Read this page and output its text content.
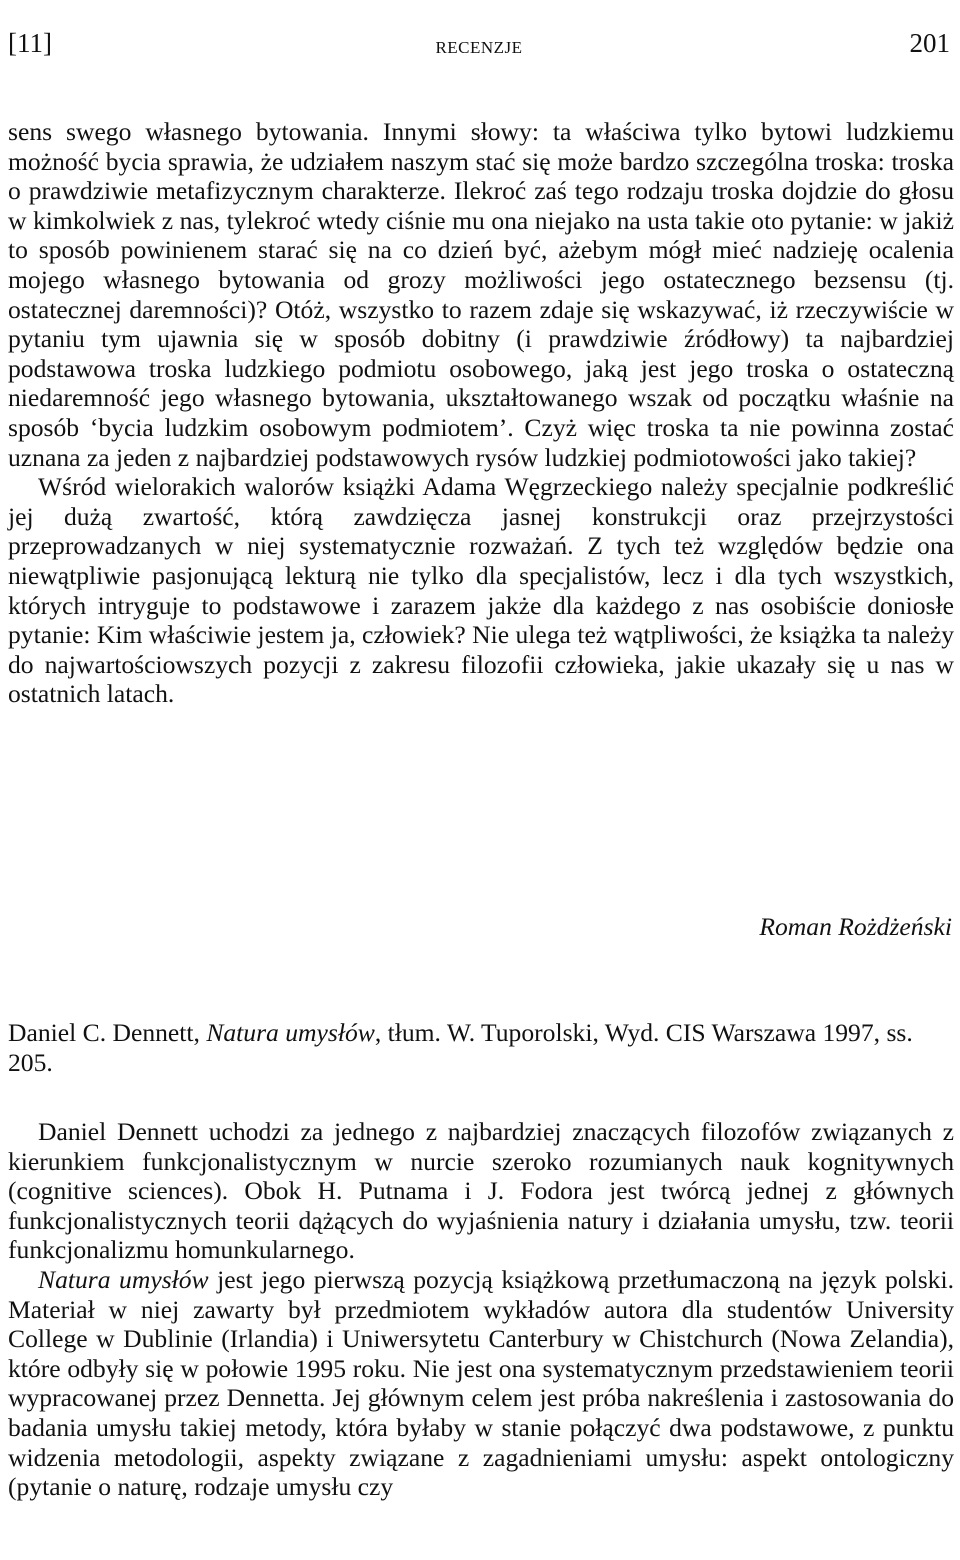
[11]	RECENZJE	201

sens swego własnego bytowania. Innymi słowy: ta właściwa tylko bytowi ludzkiemu możność bycia sprawia, że udziałem naszym stać się może bardzo szczególna troska: troska o prawdziwie metafizycznym charakterze. Ilekroć zaś tego rodzaju troska dojdzie do głosu w kimkolwiek z nas, tylekroć wtedy ciśnie mu ona niejako na usta takie oto pytanie: w jakiż to sposób powinienem starać się na co dzień być, ażebym mógł mieć nadzieję ocalenia mojego własnego bytowania od grozy możliwości jego ostatecznego bezsensu (tj. ostatecznej daremności)? Otóż, wszystko to razem zdaje się wskazywać, iż rzeczywiście w pytaniu tym ujawnia się w sposób dobitny (i prawdziwie źródłowy) ta najbardziej podstawowa troska ludzkiego podmiotu osobowego, jaką jest jego troska o ostateczną niedaremność jego własnego bytowania, ukształtowanego wszak od początku właśnie na sposób ‘bycia ludzkim osobowym podmiotem’. Czyż więc troska ta nie powinna zostać uznana za jeden z najbardziej podstawowych rysów ludzkiej podmiotowości jako takiej?

Wśród wielorakich walorów książki Adama Węgrzeckiego należy specjalnie podkreślić jej dużą zwartość, którą zawdzięcza jasnej konstrukcji oraz przejrzystości przeprowadzanych w niej systematycznie rozważań. Z tych też względów będzie ona niewątpliwie pasjonującą lekturą nie tylko dla specjalistów, lecz i dla tych wszystkich, których intryguje to podstawowe i zarazem jakże dla każdego z nas osobiście doniosłe pytanie: Kim właściwie jestem ja, człowiek? Nie ulega też wątpliwości, że książka ta należy do najwartościowszych pozycji z zakresu filozofii człowieka, jakie ukazały się u nas w ostatnich latach.

Roman Rożdżeński
Daniel C. Dennett, Natura umysłów, tłum. W. Tuporolski, Wyd. CIS Warszawa 1997, ss. 205.

Daniel Dennett uchodzi za jednego z najbardziej znaczących filozofów związanych z kierunkiem funkcjonalistycznym w nurcie szeroko rozumianych nauk kognitywnych (cognitive sciences). Obok H. Putnama i J. Fodora jest twórcą jednej z głównych funkcjonalistycznych teorii dążących do wyjaśnienia natury i działania umysłu, tzw. teorii funkcjonalizmu homunkularnego.

Natura umysłów jest jego pierwszą pozycją książkową przetłumaczoną na język polski. Materiał w niej zawarty był przedmiotem wykładów autora dla studentów University College w Dublinie (Irlandia) i Uniwersytetu Canterbury w Chistchurch (Nowa Zelandia), które odbyły się w połowie 1995 roku. Nie jest ona systematycznym przedstawieniem teorii wypracowanej przez Dennetta. Jej głównym celem jest próba nakreślenia i zastosowania do badania umysłu takiej metody, która byłaby w stanie połączyć dwa podstawowe, z punktu widzenia metodologii, aspekty związane z zagadnieniami umysłu: aspekt ontologiczny (pytanie o naturę, rodzaje umysłu czy
